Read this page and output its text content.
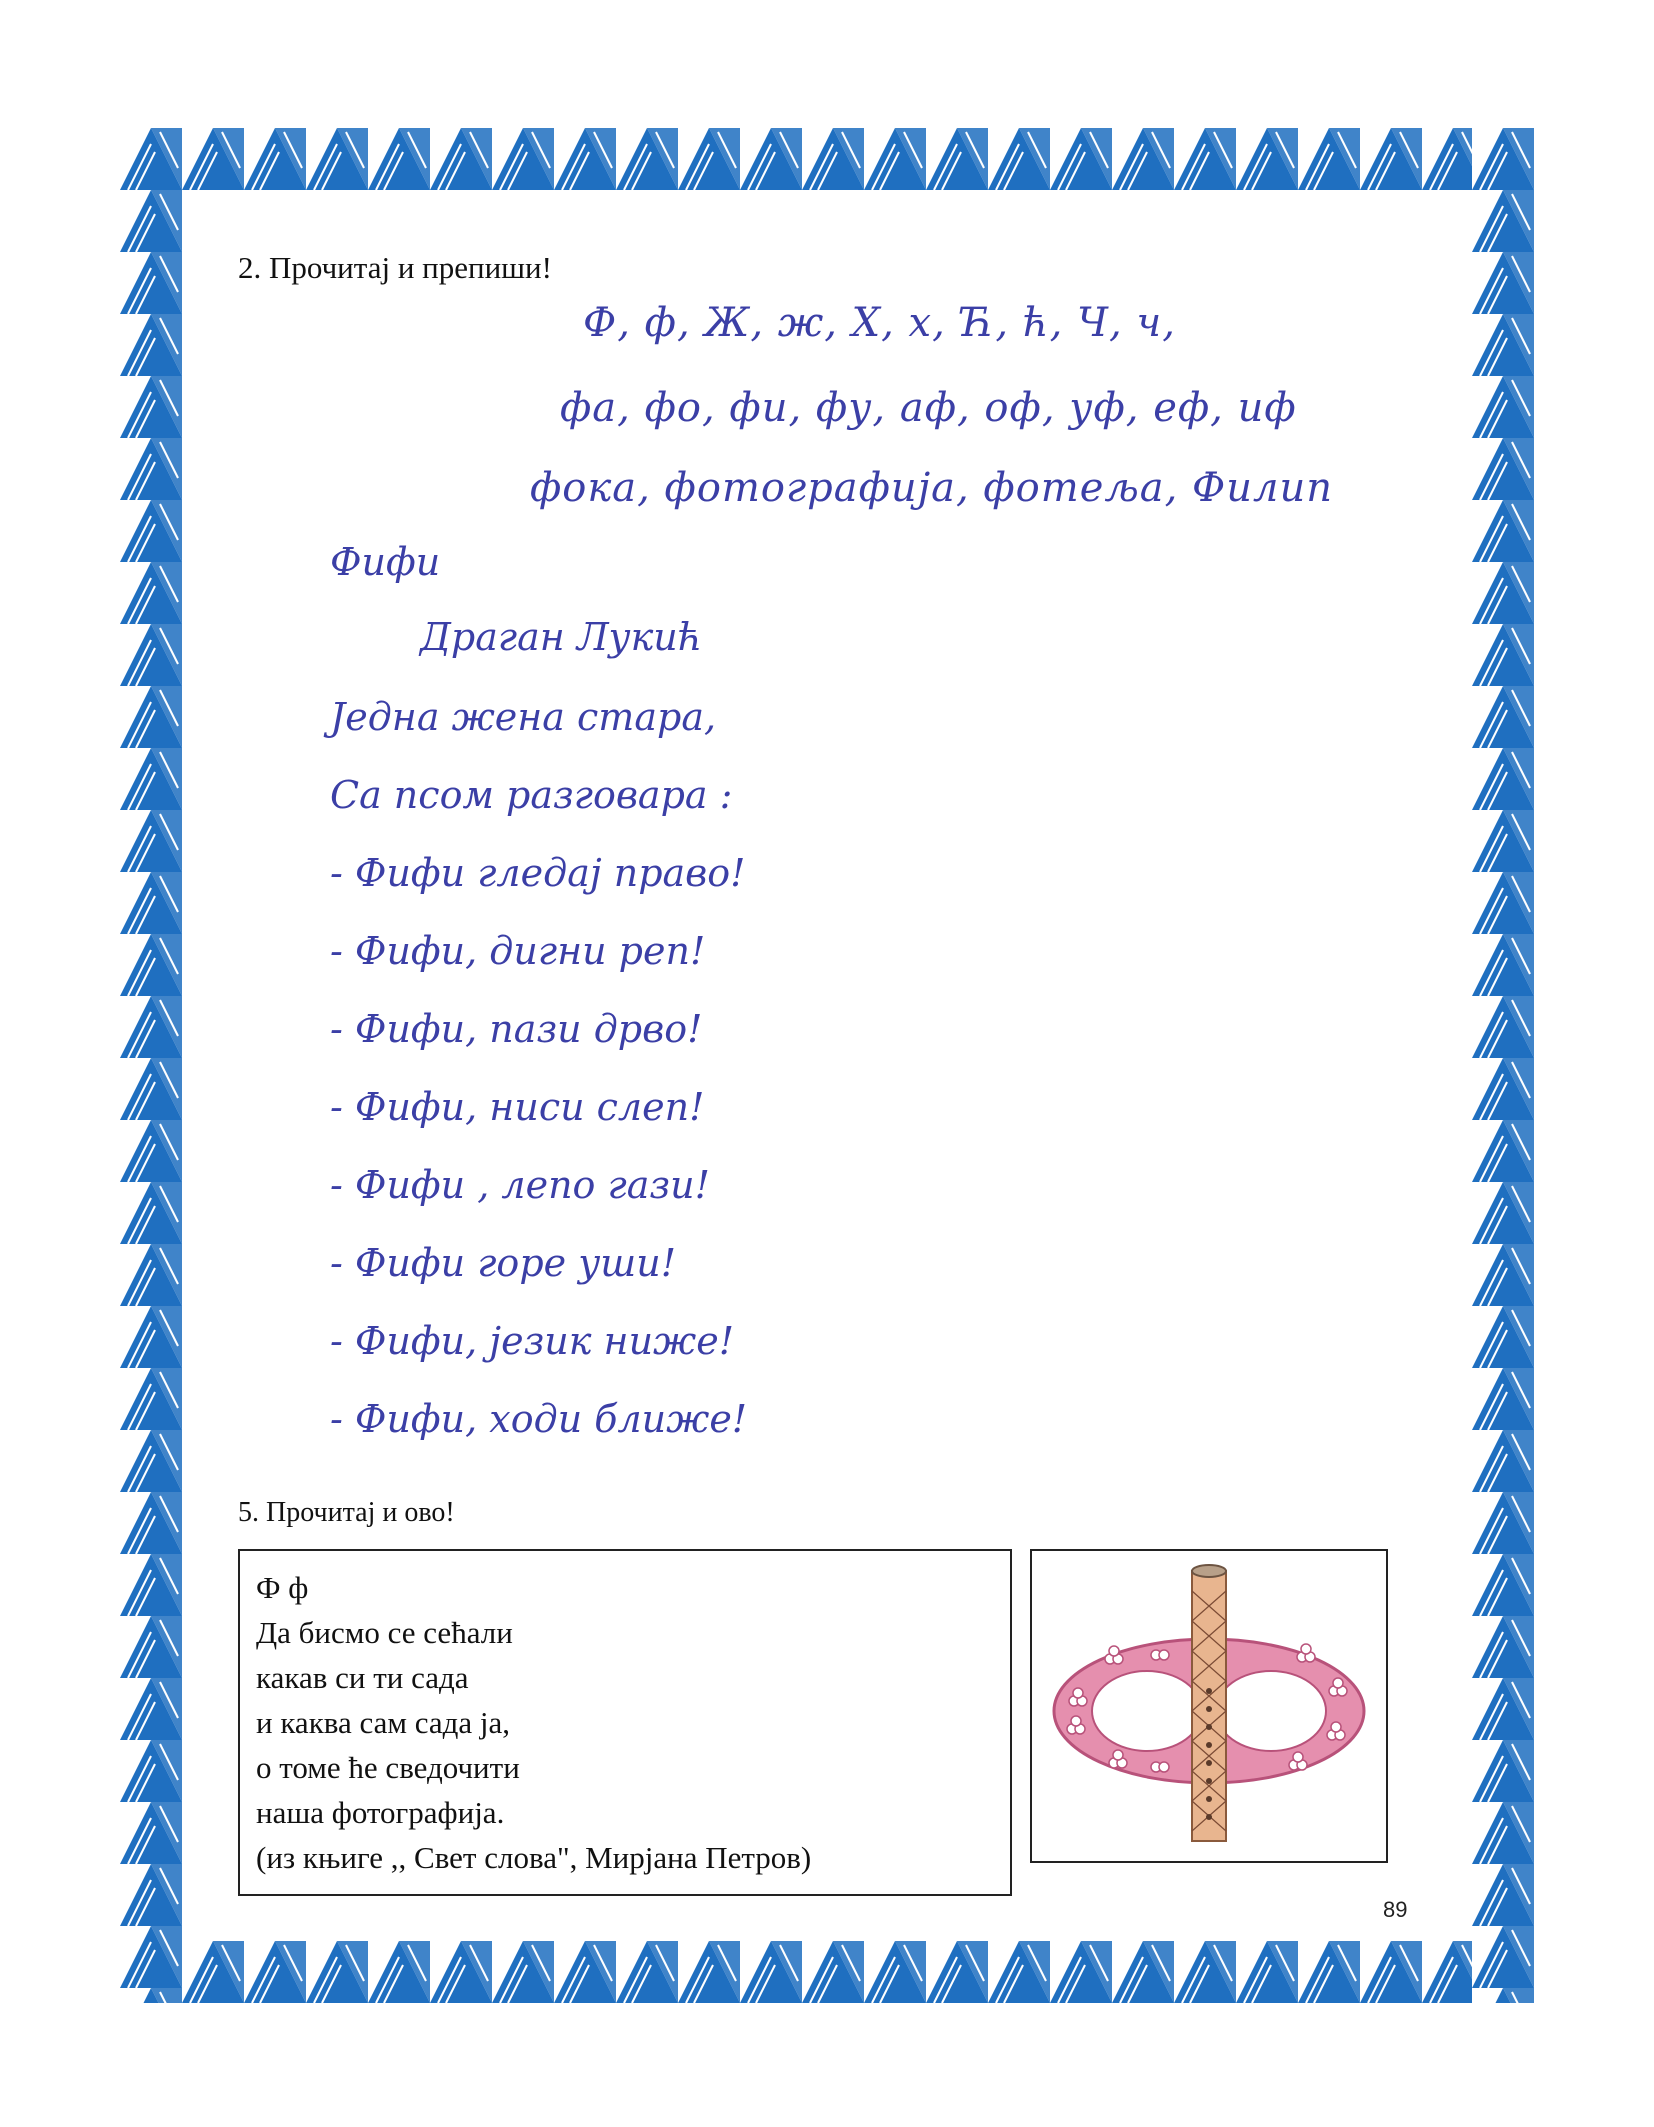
2. Прочитај и препиши!
Ф, ф, Ж, ж, Х, х, Ћ, ћ, Ч, ч,
фа, фо, фи, фу, аф, оф, уф, еф, иф
фока, фотографија, фотеља, Филип
Фифи
Драган Лукић
Једна жена стара,
Са псом разговара :
- Фифи гледај право!
- Фифи, дигни реп!
- Фифи, пази дрво!
- Фифи, ниси слеп!
- Фифи , лепо гази!
- Фифи горе уши!
- Фифи, језик ниже!
- Фифи, ходи ближе!
5. Прочитај и ово!
Ф ф
Да бисмо се сећали
какав си ти сада
и каква сам сада ја,
о томе ће сведочити
наша фотографија.
(из књиге ,, Свет слова", Мирјана Петров)
89
